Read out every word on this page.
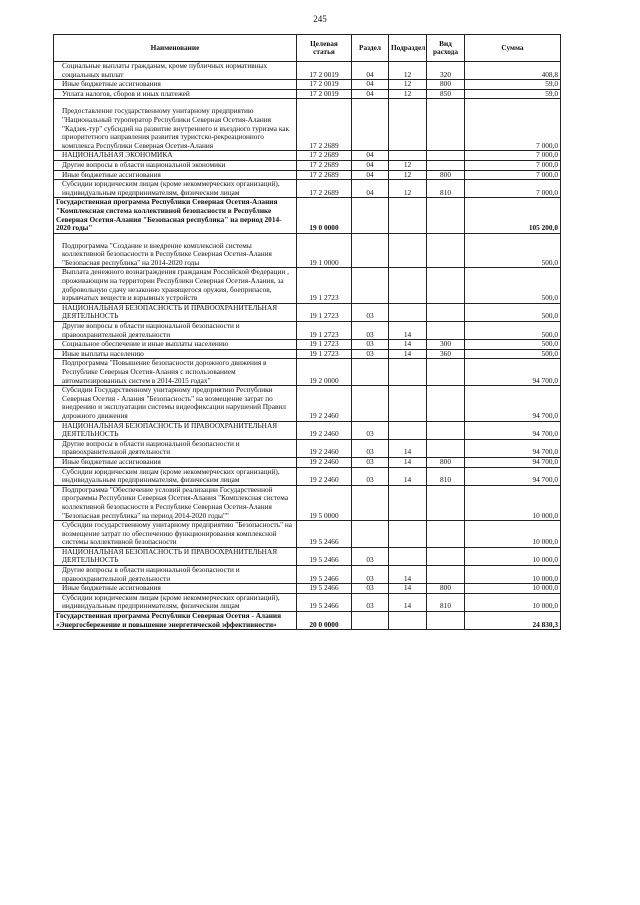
245
Наименование	Целевая статья	Раздел	Подраздел	Вид расхода	Сумма
Социальные выплаты гражданам, кроме публичных нормативных социальных выплат	17 2 0019	04	12	320	408,8
Иные бюджетные ассигнования	17 2 0019	04	12	800	59,0
Уплата налогов, сборов и иных платежей	17 2 0019	04	12	850	59,0
Предоставление государственному унитарному предприятию "Национальный туроператор Республики Северная Осетия-Алания "Кадзек-тур" субсидий на развитие внутреннего и въездного туризма как приоритетного направления развития туристско-рекреационного комплекса Республики Северная Осетия-Алания	17 2 2689				7 000,0
НАЦИОНАЛЬНАЯ ЭКОНОМИКА	17 2 2689	04			7 000,0
Другие вопросы в области национальной экономики	17 2 2689	04	12		7 000,0
Иные бюджетные ассигнования	17 2 2689	04	12	800	7 000,0
Субсидии юридическим лицам (кроме некоммерческих организаций), индивидуальным предпринимателям, физическим лицам	17 2 2689	04	12	810	7 000,0
Государственная программа Республики Северная Осетия-Алания "Комплексная система коллективной безопасности в Республике Северная Осетия-Алания "Безопасная республика" на период 2014-2020 годы"	19 0 0000				105 200,0
Подпрограмма "Создание и внедрение комплексной системы коллективной безопасности в Республике Северная Осетия-Алания "Безопасная республика" на 2014-2020 годы	19 1 0000				500,0
Выплата денежного вознаграждения гражданам Российской Федерации , проживающим на территории Республики Северная Осетия-Алания, за добровольную сдачу незаконно хранящегося оружия, боеприпасов, взрывчатых веществ и взрывных устройств	19 1 2723				500,0
НАЦИОНАЛЬНАЯ БЕЗОПАСНОСТЬ И ПРАВООХРАНИТЕЛЬНАЯ ДЕЯТЕЛЬНОСТЬ	19 1 2723	03			500,0
Другие вопросы в области национальной безопасности и правоохранительной деятельности	19 1 2723	03	14		500,0
Социальное обеспечение и иные выплаты населению	19 1 2723	03	14	300	500,0
Иные выплаты населению	19 1 2723	03	14	360	500,0
Подпрограмма "Повышение безопасности дорожного движения в Республике Северная Осетия-Алания с использованием автоматизированных систем в 2014-2015 годах"	19 2 0000				94 700,0
Субсидии Государственному унитарному предприятию Республики Северная Осетия - Алания "Безопасность" на возмещение затрат по внедрению и эксплуатации системы видеофиксации нарушений Правил дорожного движения	19 2 2460				94 700,0
НАЦИОНАЛЬНАЯ БЕЗОПАСНОСТЬ И ПРАВООХРАНИТЕЛЬНАЯ ДЕЯТЕЛЬНОСТЬ	19 2 2460	03			94 700,0
Другие вопросы в области национальной безопасности и правоохранительной деятельности	19 2 2460	03	14		94 700,0
Иные бюджетные ассигнования	19 2 2460	03	14	800	94 700,0
Субсидии юридическим лицам (кроме некоммерческих организаций), индивидуальным предпринимателям, физическим лицам	19 2 2460	03	14	810	94 700,0
Подпрограмма "Обеспечение условий реализации Государственной программы Республики Северная Осетия-Алания "Комплексная система коллективной безопасности в Республике Северная Осетия-Алания "Безопасная республика" на период 2014-2020 годы""	19 5 0000				10 000,0
Субсидии государственному унитарному предприятию "Безопасность" на возмещение затрат по обеспечению функционирования комплексной системы коллективной безопасности	19 5 2466				10 000,0
НАЦИОНАЛЬНАЯ БЕЗОПАСНОСТЬ И ПРАВООХРАНИТЕЛЬНАЯ ДЕЯТЕЛЬНОСТЬ	19 5 2466	03			10 000,0
Другие вопросы в области национальной безопасности и правоохранительной деятельности	19 5 2466	03	14		10 000,0
Иные бюджетные ассигнования	19 5 2466	03	14	800	10 000,0
Субсидии юридическим лицам (кроме некоммерческих организаций), индивидуальным предпринимателям, физическим лицам	19 5 2466	03	14	810	10 000,0
Государственная программа Республики Северная Осетия - Алания «Энергосбережение и повышение энергетической эффективности»	20 0 0000				24 830,3
